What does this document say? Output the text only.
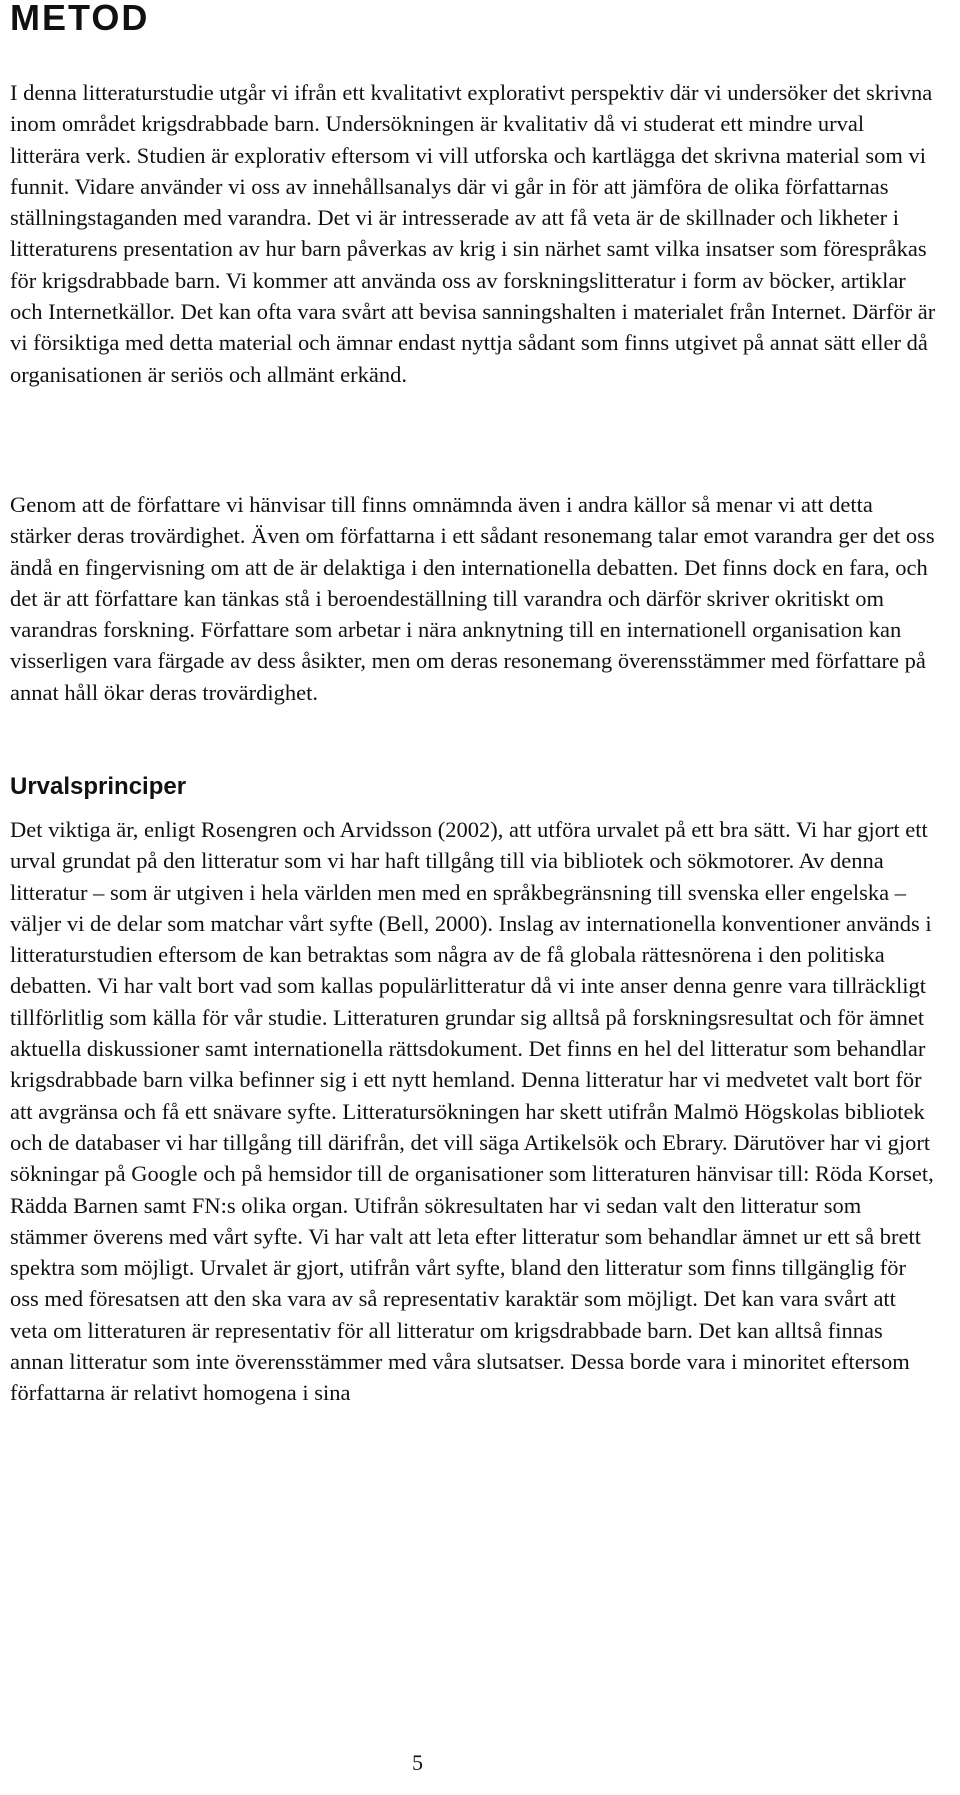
METOD

I denna litteraturstudie utgår vi ifrån ett kvalitativt explorativt perspektiv där vi undersöker det skrivna inom området krigsdrabbade barn. Undersökningen är kvalitativ då vi studerat ett mindre urval litterära verk. Studien är explorativ eftersom vi vill utforska och kartlägga det skrivna material som vi funnit. Vidare använder vi oss av innehållsanalys där vi går in för att jämföra de olika författarnas ställningstaganden med varandra. Det vi är intresserade av att få veta är de skillnader och likheter i litteraturens presentation av hur barn påverkas av krig i sin närhet samt vilka insatser som förespråkas för krigsdrabbade barn. Vi kommer att använda oss av forskningslitteratur i form av böcker, artiklar och Internetkällor. Det kan ofta vara svårt att bevisa sanningshalten i materialet från Internet. Därför är vi försiktiga med detta material och ämnar endast nyttja sådant som finns utgivet på annat sätt eller då organisationen är seriös och allmänt erkänd.

Genom att de författare vi hänvisar till finns omnämnda även i andra källor så menar vi att detta stärker deras trovärdighet. Även om författarna i ett sådant resonemang talar emot varandra ger det oss ändå en fingervisning om att de är delaktiga i den internationella debatten. Det finns dock en fara, och det är att författare kan tänkas stå i beroendeställning till varandra och därför skriver okritiskt om varandras forskning. Författare som arbetar i nära anknytning till en internationell organisation kan visserligen vara färgade av dess åsikter, men om deras resonemang överensstämmer med författare på annat håll ökar deras trovärdighet.

Urvalsprinciper

Det viktiga är, enligt Rosengren och Arvidsson (2002), att utföra urvalet på ett bra sätt. Vi har gjort ett urval grundat på den litteratur som vi har haft tillgång till via bibliotek och sökmotorer. Av denna litteratur – som är utgiven i hela världen men med en språkbegränsning till svenska eller engelska – väljer vi de delar som matchar vårt syfte (Bell, 2000). Inslag av internationella konventioner används i litteraturstudien eftersom de kan betraktas som några av de få globala rättesnörena i den politiska debatten. Vi har valt bort vad som kallas populärlitteratur då vi inte anser denna genre vara tillräckligt tillförlitlig som källa för vår studie. Litteraturen grundar sig alltså på forskningsresultat och för ämnet aktuella diskussioner samt internationella rättsdokument. Det finns en hel del litteratur som behandlar krigsdrabbade barn vilka befinner sig i ett nytt hemland. Denna litteratur har vi medvetet valt bort för att avgränsa och få ett snävare syfte. Litteratursökningen har skett utifrån Malmö Högskolas bibliotek och de databaser vi har tillgång till därifrån, det vill säga Artikelsök och Ebrary. Därutöver har vi gjort sökningar på Google och på hemsidor till de organisationer som litteraturen hänvisar till: Röda Korset, Rädda Barnen samt FN:s olika organ. Utifrån sökresultaten har vi sedan valt den litteratur som stämmer överens med vårt syfte. Vi har valt att leta efter litteratur som behandlar ämnet ur ett så brett spektra som möjligt. Urvalet är gjort, utifrån vårt syfte, bland den litteratur som finns tillgänglig för oss med föresatsen att den ska vara av så representativ karaktär som möjligt. Det kan vara svårt att veta om litteraturen är representativ för all litteratur om krigsdrabbade barn. Det kan alltså finnas annan litteratur som inte överensstämmer med våra slutsatser. Dessa borde vara i minoritet eftersom författarna är relativt homogena i sina

5
